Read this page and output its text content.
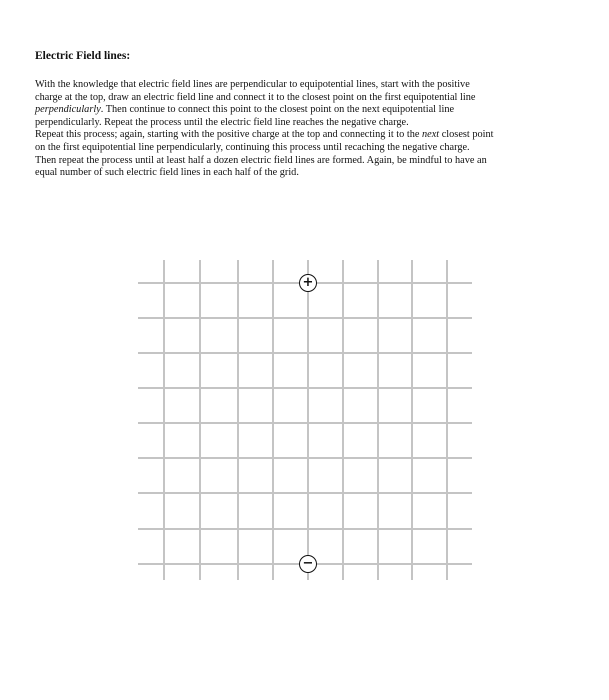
Electric Field lines:
With the knowledge that electric field lines are perpendicular to equipotential lines, start with the positive
charge at the top, draw an electric field line and connect it to the closest point on the first equipotential line
perpendicularly. Then continue to connect this point to the closest point on the next equipotential line
perpendicularly. Repeat the process until the electric field line reaches the negative charge.
Repeat this process; again, starting with the positive charge at the top and connecting it to the next closest point
on the first equipotential line perpendicularly, continuing this process until recaching the negative charge.
Then repeat the process until at least half a dozen electric field lines are formed. Again, be mindful to have an
equal number of such electric field lines in each half of the grid.
+
−
